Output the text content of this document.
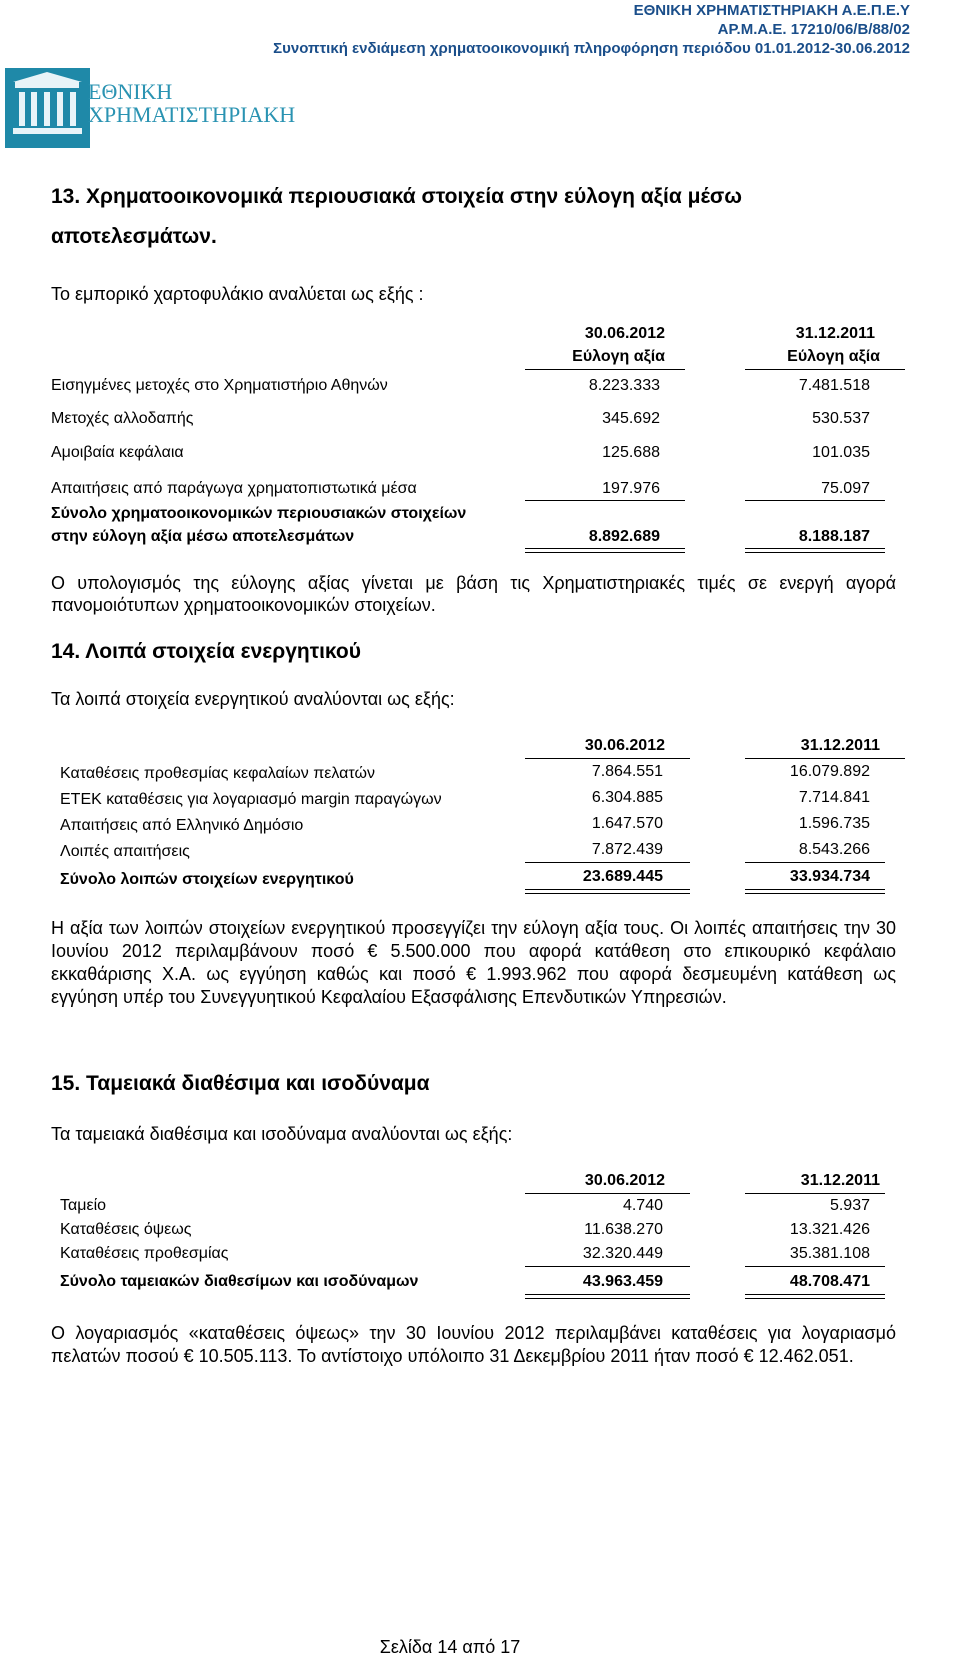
ΕΘΝΙΚΗ ΧΡΗΜΑΤΙΣΤΗΡΙΑΚΗ Α.Ε.Π.Ε.Υ
ΑΡ.Μ.Α.Ε. 17210/06/Β/88/02
Συνοπτική ενδιάμεση χρηματοοικονομική πληροφόρηση περιόδου 01.01.2012-30.06.2012
ΕΘΝΙΚΗ
ΧΡΗΜΑΤΙΣΤΗΡΙΑΚΗ
13. Χρηματοοικονομικά περιουσιακά στοιχεία στην εύλογη αξία μέσω
αποτελεσμάτων.
Το εμπορικό χαρτοφυλάκιο αναλύεται ως εξής :
30.06.2012	31.12.2011
Εύλογη αξία	Εύλογη αξία
Εισηγμένες μετοχές στο Χρηματιστήριο Αθηνών	8.223.333	7.481.518
Μετοχές αλλοδαπής	345.692	530.537
Αμοιβαία κεφάλαια	125.688	101.035
Απαιτήσεις από παράγωγα χρηματοπιστωτικά μέσα	197.976	75.097
Σύνολο χρηματοοικονομικών περιουσιακών στοιχείων
στην εύλογη αξία μέσω αποτελεσμάτων	8.892.689	8.188.187
Ο υπολογισμός της εύλογης αξίας γίνεται με βάση τις Χρηματιστηριακές τιμές σε ενεργή αγορά πανομοιότυπων χρηματοοικονομικών στοιχείων.
14. Λοιπά στοιχεία ενεργητικού
Τα λοιπά στοιχεία ενεργητικού αναλύονται ως εξής:
30.06.2012	31.12.2011
Καταθέσεις προθεσμίας κεφαλαίων πελατών	7.864.551	16.079.892
ΕΤΕΚ καταθέσεις για λογαριασμό margin παραγώγων	6.304.885	7.714.841
Απαιτήσεις από Ελληνικό Δημόσιο	1.647.570	1.596.735
Λοιπές απαιτήσεις	7.872.439	8.543.266
Σύνολο λοιπών στοιχείων ενεργητικού	23.689.445	33.934.734
Η αξία των λοιπών στοιχείων ενεργητικού προσεγγίζει την εύλογη αξία τους. Οι λοιπές απαιτήσεις την 30 Ιουνίου 2012 περιλαμβάνουν ποσό € 5.500.000 που αφορά κατάθεση στο επικουρικό κεφάλαιο εκκαθάρισης Χ.Α. ως εγγύηση καθώς και ποσό € 1.993.962 που αφορά δεσμευμένη κατάθεση ως εγγύηση υπέρ του Συνεγγυητικού Κεφαλαίου Εξασφάλισης Επενδυτικών Υπηρεσιών.
15. Ταμειακά διαθέσιμα και ισοδύναμα
Τα ταμειακά διαθέσιμα και ισοδύναμα αναλύονται ως εξής:
30.06.2012	31.12.2011
Ταμείο	4.740	5.937
Καταθέσεις όψεως	11.638.270	13.321.426
Καταθέσεις προθεσμίας	32.320.449	35.381.108
Σύνολο ταμειακών διαθεσίμων και ισοδύναμων	43.963.459	48.708.471
Ο λογαριασμός «καταθέσεις όψεως» την 30 Ιουνίου 2012 περιλαμβάνει καταθέσεις για λογαριασμό πελατών ποσού € 10.505.113. Το αντίστοιχο υπόλοιπο 31 Δεκεμβρίου 2011 ήταν ποσό € 12.462.051.
Σελίδα 14 από 17
